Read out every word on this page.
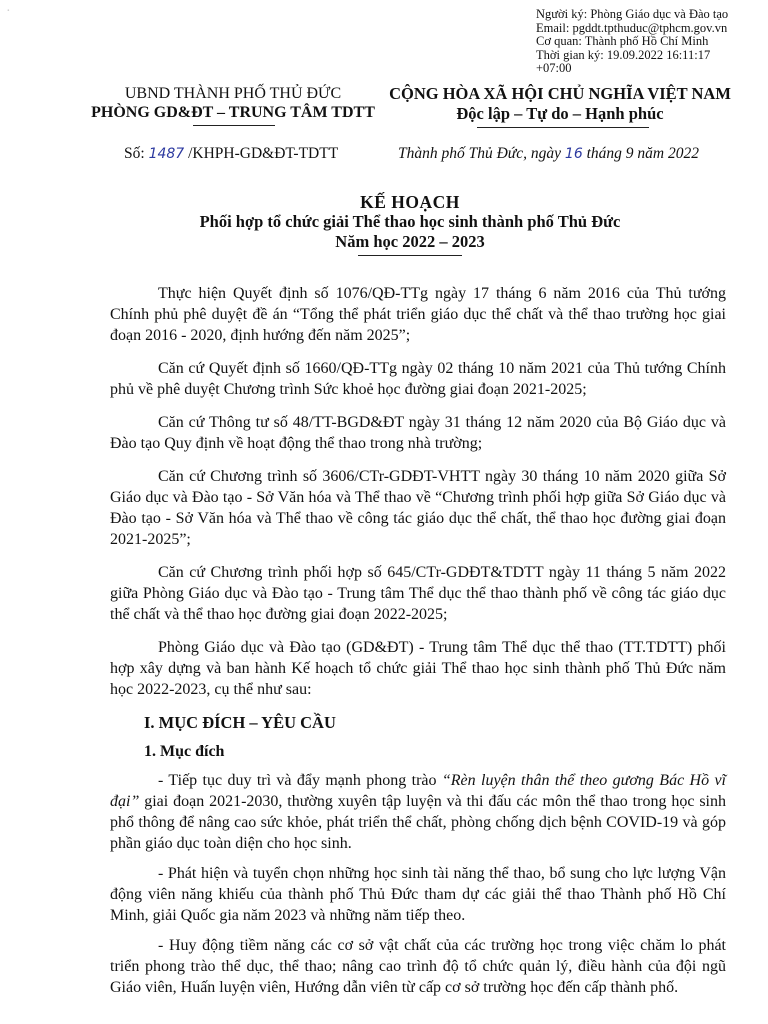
·	Người ký: Phòng Giáo dục và Đào tạo
Email: pgddt.tpthuduc@tphcm.gov.vn
Cơ quan: Thành phố Hồ Chí Minh
Thời gian ký: 19.09.2022 16:11:17
+07:00
UBND THÀNH PHỐ THỦ ĐỨC
PHÒNG GD&ĐT – TRUNG TÂM TDTT
CỘNG HÒA XÃ HỘI CHỦ NGHĨA VIỆT NAM
Độc lập – Tự do – Hạnh phúc
Số: 1487 /KHPH-GD&ĐT-TDTT	Thành phố Thủ Đức, ngày 16 tháng 9 năm 2022
KẾ HOẠCH
Phối hợp tổ chức giải Thể thao học sinh thành phố Thủ Đức
Năm học 2022 – 2023

Thực hiện Quyết định số 1076/QĐ-TTg ngày 17 tháng 6 năm 2016 của Thủ tướng Chính phủ phê duyệt đề án “Tổng thể phát triển giáo dục thể chất và thể thao trường học giai đoạn 2016 - 2020, định hướng đến năm 2025”;

Căn cứ Quyết định số 1660/QĐ-TTg ngày 02 tháng 10 năm 2021 của Thủ tướng Chính phủ về phê duyệt Chương trình Sức khoẻ học đường giai đoạn 2021-2025;

Căn cứ Thông tư số 48/TT-BGD&ĐT ngày 31 tháng 12 năm 2020 của Bộ Giáo dục và Đào tạo Quy định về hoạt động thể thao trong nhà trường;

Căn cứ Chương trình số 3606/CTr-GDĐT-VHTT ngày 30 tháng 10 năm 2020 giữa Sở Giáo dục và Đào tạo - Sở Văn hóa và Thể thao về “Chương trình phối hợp giữa Sở Giáo dục và Đào tạo - Sở Văn hóa và Thể thao về công tác giáo dục thể chất, thể thao học đường giai đoạn 2021-2025”;

Căn cứ Chương trình phối hợp số 645/CTr-GDĐT&TDTT ngày 11 tháng 5 năm 2022 giữa Phòng Giáo dục và Đào tạo - Trung tâm Thể dục thể thao thành phố về công tác giáo dục thể chất và thể thao học đường giai đoạn 2022-2025;

Phòng Giáo dục và Đào tạo (GD&ĐT) - Trung tâm Thể dục thể thao (TT.TDTT) phối hợp xây dựng và ban hành Kế hoạch tổ chức giải Thể thao học sinh thành phố Thủ Đức năm học 2022-2023, cụ thể như sau:

I. MỤC ĐÍCH – YÊU CẦU

1. Mục đích

- Tiếp tục duy trì và đẩy mạnh phong trào “Rèn luyện thân thể theo gương Bác Hồ vĩ đại” giai đoạn 2021-2030, thường xuyên tập luyện và thi đấu các môn thể thao trong học sinh phổ thông để nâng cao sức khỏe, phát triển thể chất, phòng chống dịch bệnh COVID-19 và góp phần giáo dục toàn diện cho học sinh.

- Phát hiện và tuyển chọn những học sinh tài năng thể thao, bổ sung cho lực lượng Vận động viên năng khiếu của thành phố Thủ Đức tham dự các giải thể thao Thành phố Hồ Chí Minh, giải Quốc gia năm 2023 và những năm tiếp theo.

- Huy động tiềm năng các cơ sở vật chất của các trường học trong việc chăm lo phát triển phong trào thể dục, thể thao; nâng cao trình độ tổ chức quản lý, điều hành của đội ngũ Giáo viên, Huấn luyện viên, Hướng dẫn viên từ cấp cơ sở trường học đến cấp thành phố.
